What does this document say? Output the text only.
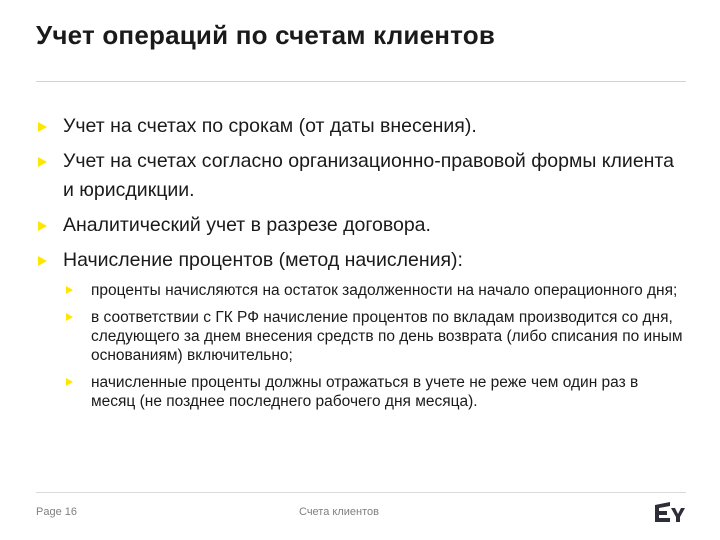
Учет операций по счетам клиентов
Учет на счетах по срокам (от даты внесения).
Учет на счетах согласно организационно-правовой формы клиента и юрисдикции.
Аналитический учет в разрезе договора.
Начисление процентов (метод начисления):
проценты начисляются на остаток задолженности на начало операционного дня;
в соответствии с ГК РФ начисление процентов по вкладам производится со дня, следующего за днем внесения средств по день возврата (либо списания по иным основаниям) включительно;
начисленные проценты должны отражаться в учете не реже чем один раз в месяц (не позднее последнего рабочего дня месяца).
Page 16	Счета клиентов
